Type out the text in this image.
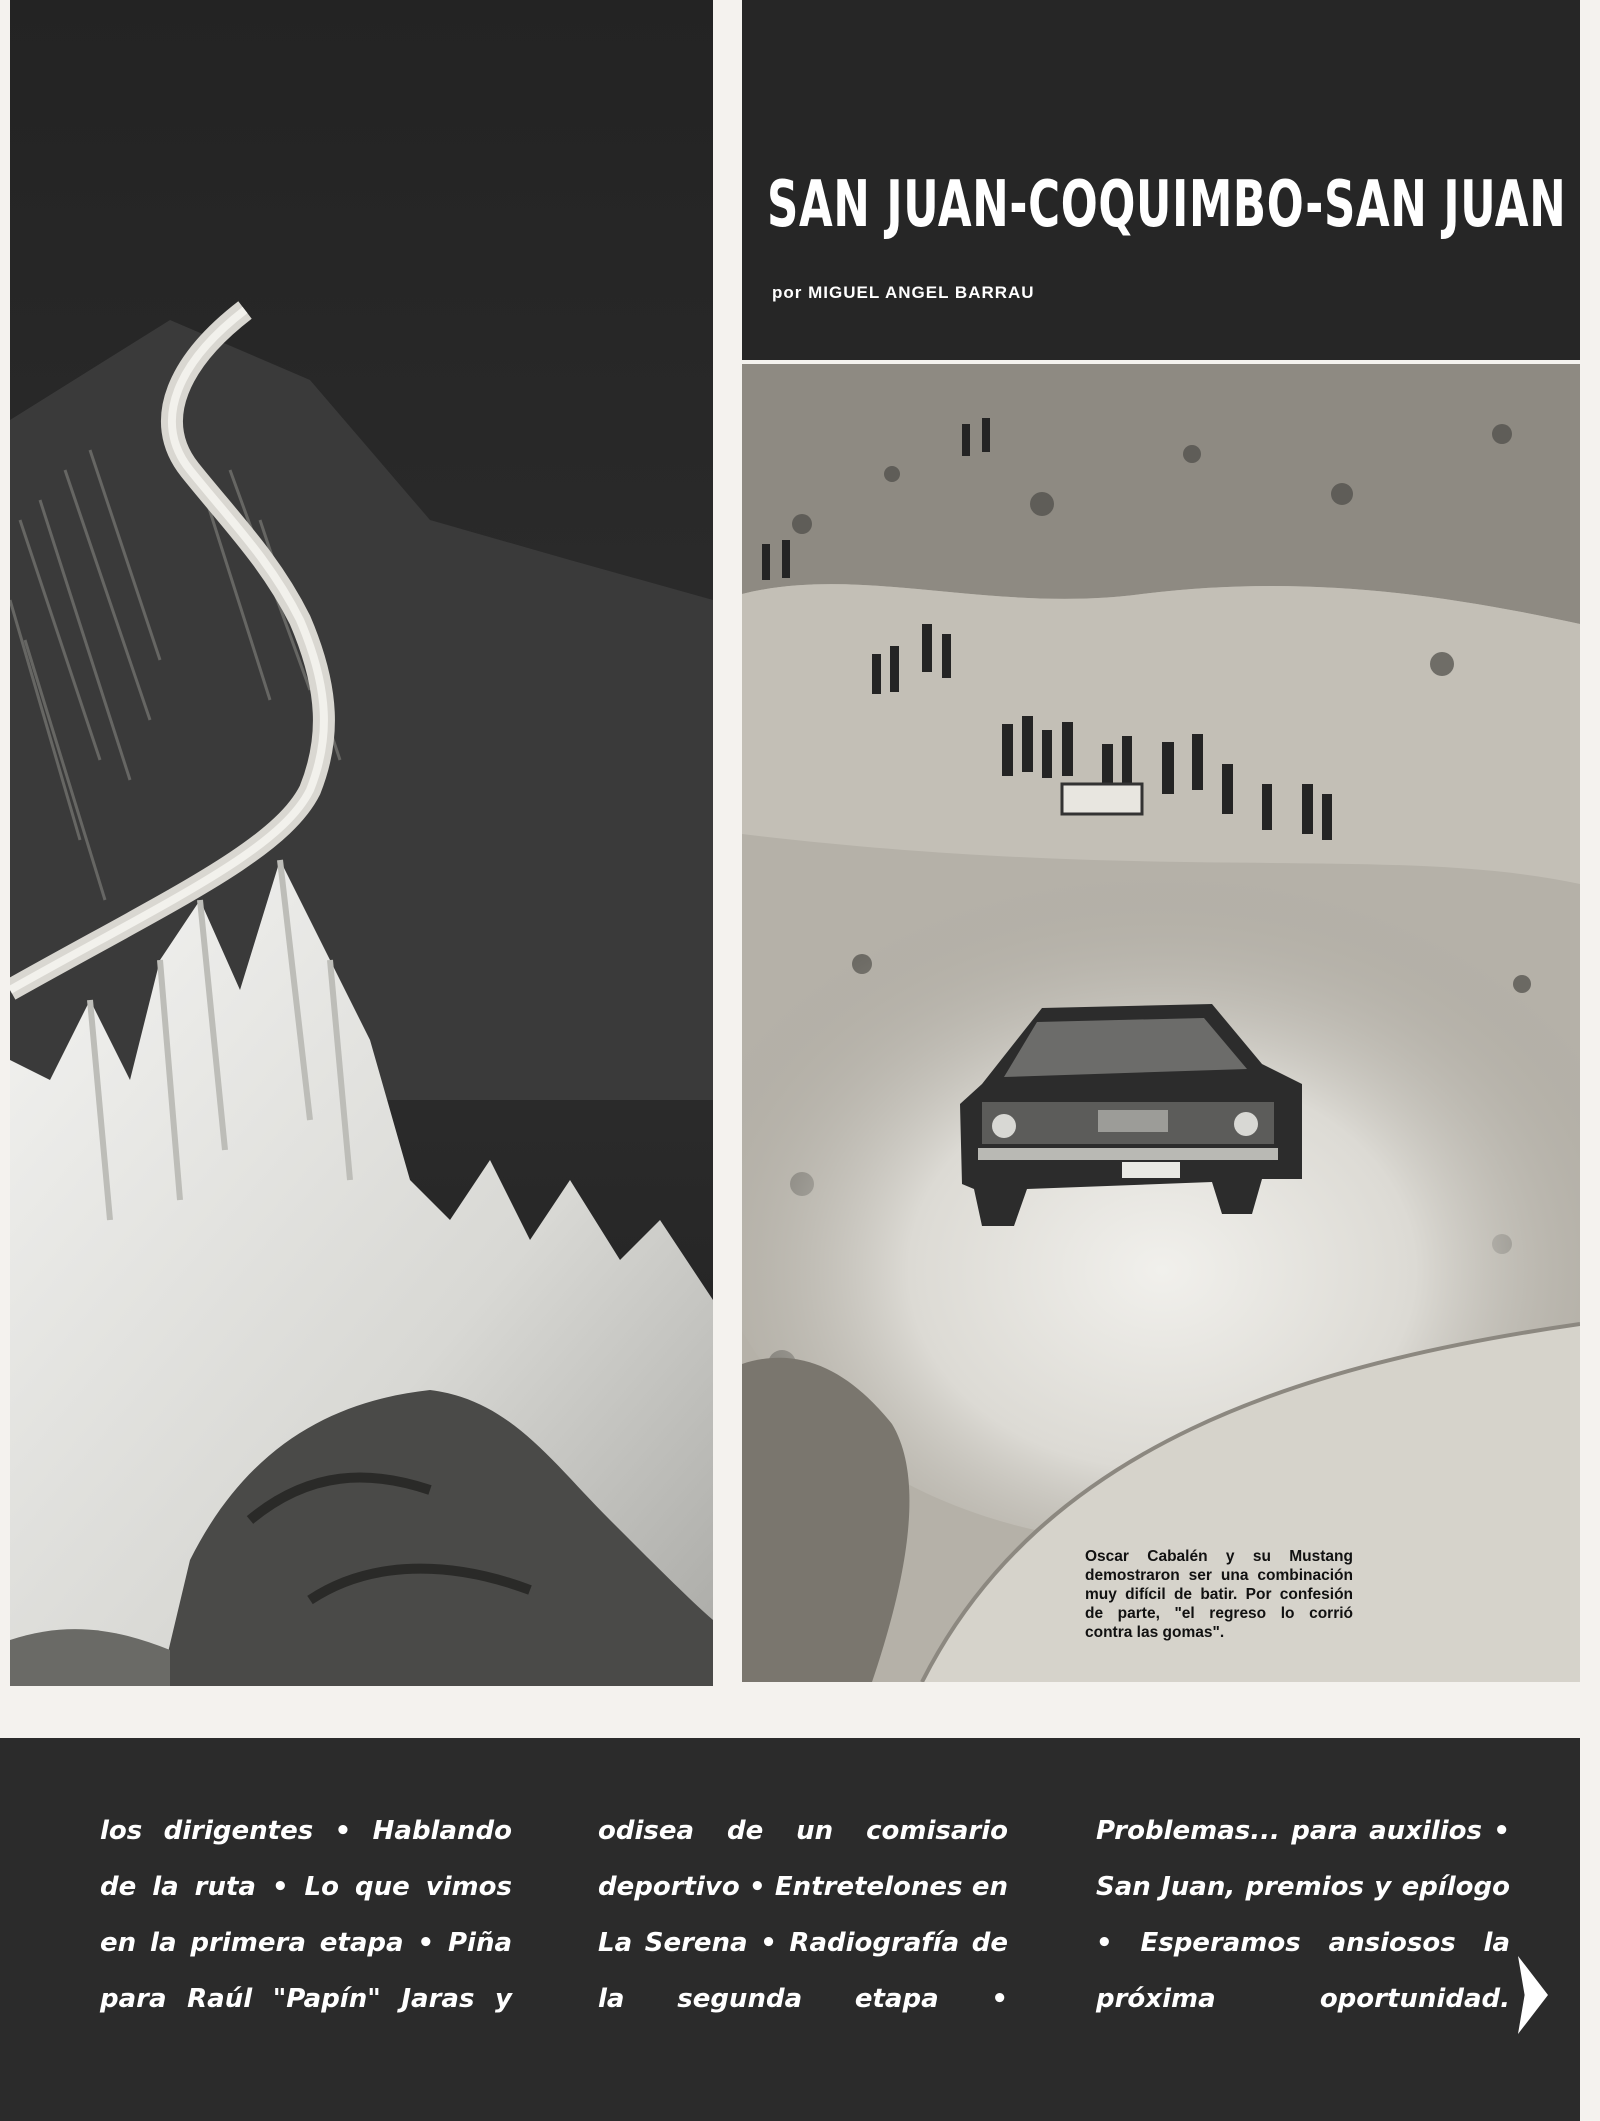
SAN JUAN-COQUIMBO-SAN JUAN
por MIGUEL ANGEL BARRAU
Oscar Cabalén y su Mustang demostraron ser una combinación muy difícil de batir. Por confesión de parte, "el regreso lo corrió contra las gomas".
los dirigentes • Hablando de la ruta • Lo que vimos en la primera etapa • Piña para Raúl "Papín" Jaras y
odisea de un comisario deportivo • Entretelones en La Serena • Radiografía de la segunda etapa •
Problemas... para auxilios • San Juan, premios y epílogo • Esperamos ansiosos la próxima oportunidad.
